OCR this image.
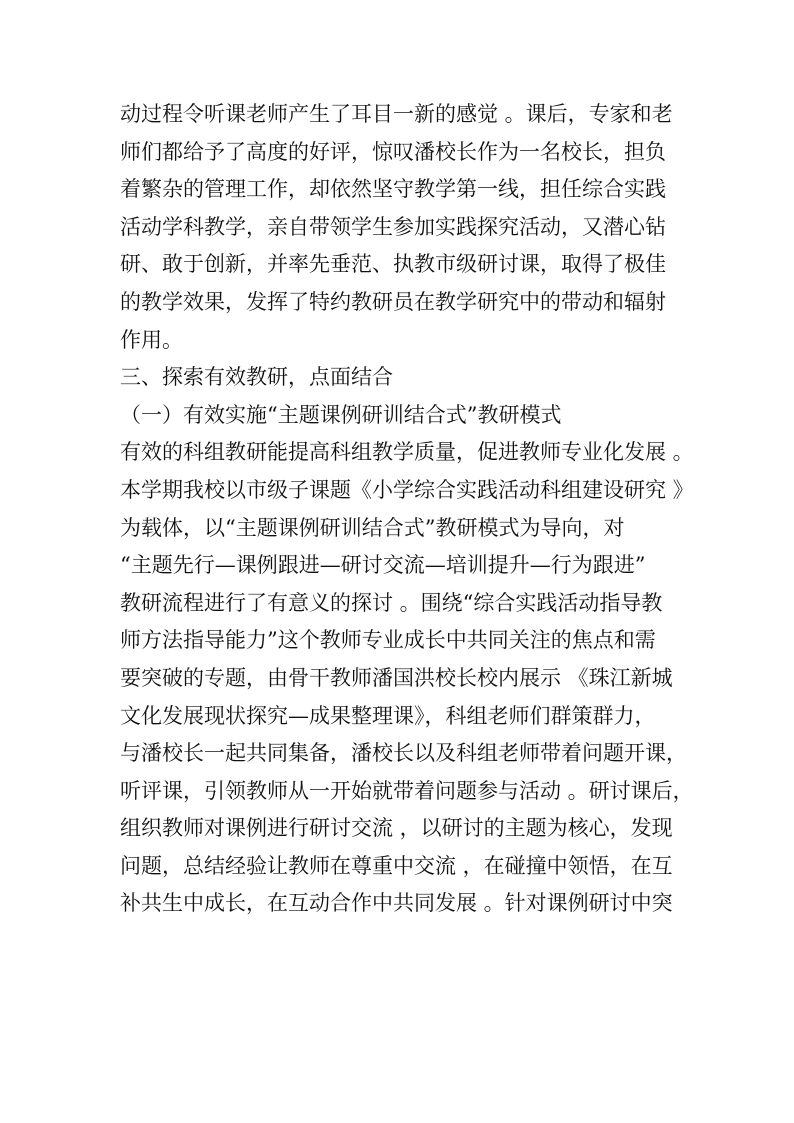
动过程令听课老师产生了耳目一新的感觉 。课后，专家和老
师们都给予了高度的好评，惊叹潘校长作为一名校长，担负
着繁杂的管理工作，却依然坚守教学第一线，担任综合实践
活动学科教学，亲自带领学生参加实践探究活动，又潜心钻
研、敢于创新，并率先垂范、执教市级研讨课，取得了极佳
的教学效果，发挥了特约教研员在教学研究中的带动和辐射
作用。
三、探索有效教研，点面结合
（一）有效实施“主题课例研训结合式”教研模式
有效的科组教研能提高科组教学质量，促进教师专业化发展 。
本学期我校以市级子课题《小学综合实践活动科组建设研究 》
为载体，以“主题课例研训结合式”教研模式为导向，对
“主题先行—课例跟进—研讨交流—培训提升—行为跟进”
教研流程进行了有意义的探讨 。围绕“综合实践活动指导教
师方法指导能力”这个教师专业成长中共同关注的焦点和需
要突破的专题，由骨干教师潘国洪校长校内展示 《珠江新城
文化发展现状探究—成果整理课》，科组老师们群策群力，
与潘校长一起共同集备，潘校长以及科组老师带着问题开课，
听评课，引领教师从一开始就带着问题参与活动 。研讨课后，
组织教师对课例进行研讨交流 ，以研讨的主题为核心，发现
问题，总结经验让教师在尊重中交流 ，在碰撞中领悟，在互
补共生中成长，在互动合作中共同发展 。针对课例研讨中突
